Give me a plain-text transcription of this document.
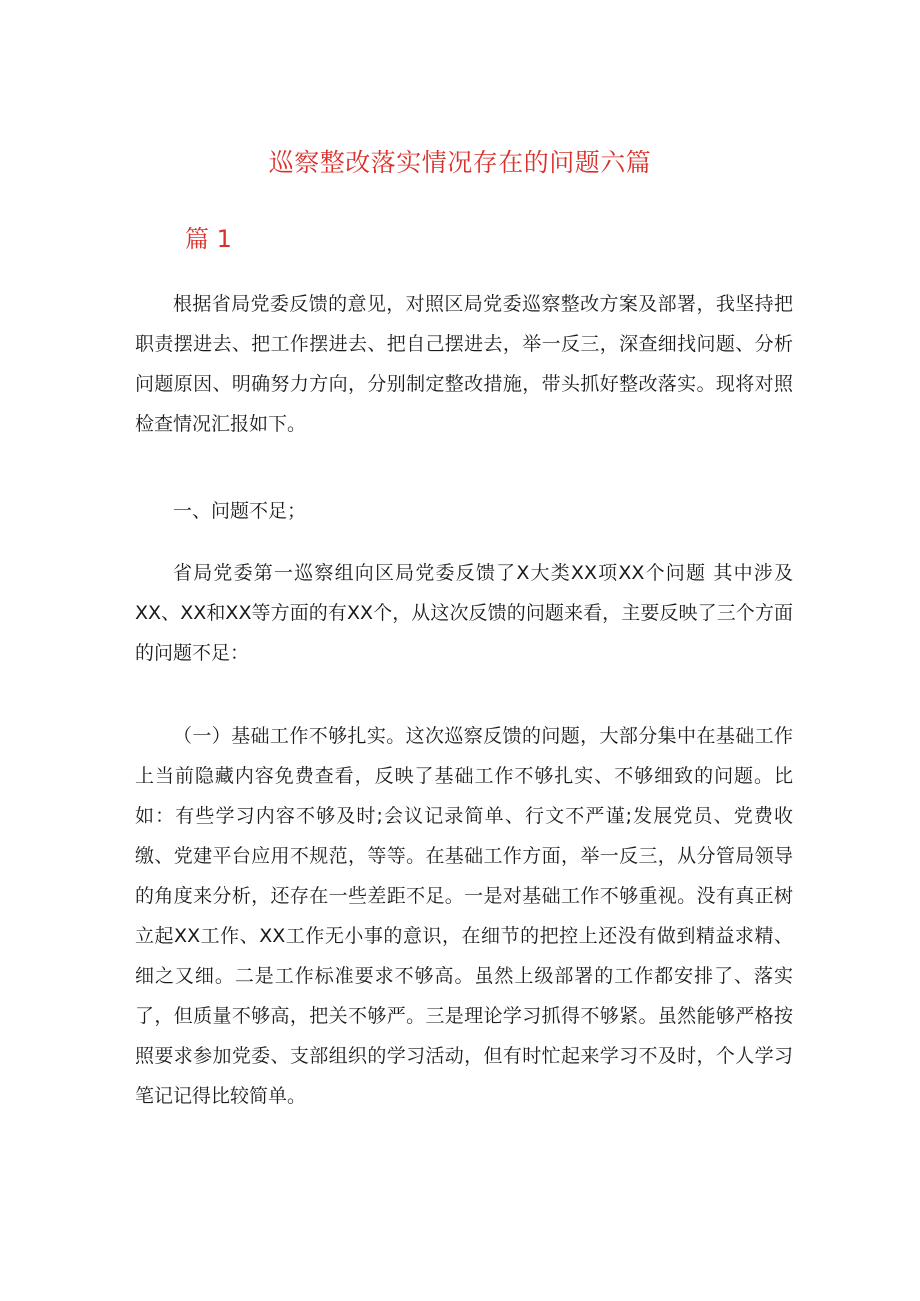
巡察整改落实情况存在的问题六篇
篇 1

根据省局党委反馈的意见，对照区局党委巡察整改方案及部署，我坚持把职责摆进去、把工作摆进去、把自己摆进去，举一反三，深查细找问题、分析问题原因、明确努力方向，分别制定整改措施，带头抓好整改落实。现将对照检查情况汇报如下。

一、问题不足；

省局党委第一巡察组向区局党委反馈了X大类XX项XX个问题 其中涉及XX、XX和XX等方面的有XX个，从这次反馈的问题来看，主要反映了三个方面的问题不足：

（一）基础工作不够扎实。这次巡察反馈的问题，大部分集中在基础工作上当前隐藏内容免费查看，反映了基础工作不够扎实、不够细致的问题。比如：有些学习内容不够及时;会议记录简单、行文不严谨;发展党员、党费收缴、党建平台应用不规范，等等。在基础工作方面，举一反三，从分管局领导的角度来分析，还存在一些差距不足。一是对基础工作不够重视。没有真正树立起XX工作、XX工作无小事的意识，在细节的把控上还没有做到精益求精、细之又细。二是工作标准要求不够高。虽然上级部署的工作都安排了、落实了，但质量不够高，把关不够严。三是理论学习抓得不够紧。虽然能够严格按照要求参加党委、支部组织的学习活动，但有时忙起来学习不及时，个人学习笔记记得比较简单。
